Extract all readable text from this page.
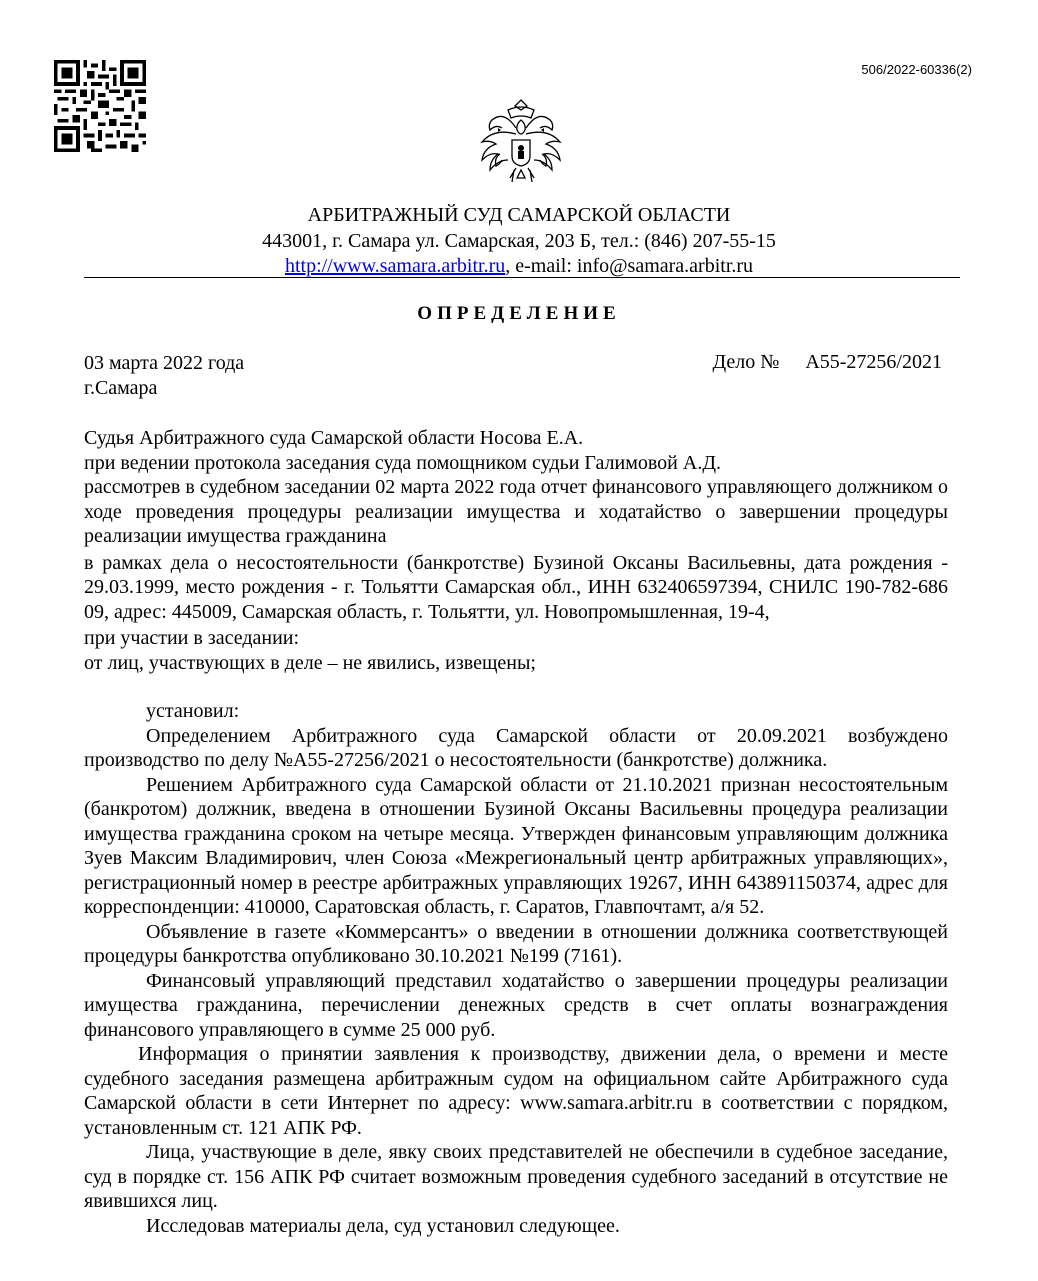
506/2022-60336(2)
АРБИТРАЖНЫЙ СУД САМАРСКОЙ ОБЛАСТИ
443001, г. Самара ул. Самарская, 203 Б, тел.: (846) 207-55-15
http://www.samara.arbitr.ru, e-mail: info@samara.arbitr.ru
ОПРЕДЕЛЕНИЕ
03 марта 2022 года
г.Самара
Дело № А55-27256/2021

Судья Арбитражного суда Самарской области Носова Е.А.

при ведении протокола заседания суда помощником судьи Галимовой А.Д.

рассмотрев в судебном заседании 02 марта 2022 года отчет финансового управляющего должником о ходе проведения процедуры реализации имущества и ходатайство о завершении процедуры реализации имущества гражданина

в рамках дела о несостоятельности (банкротстве) Бузиной Оксаны Васильевны, дата рождения - 29.03.1999, место рождения - г. Тольятти Самарская обл., ИНН 632406597394, СНИЛС 190-782-686 09, адрес: 445009, Самарская область, г. Тольятти, ул. Новопромышленная, 19-4,

при участии в заседании:

от лиц, участвующих в деле – не явились, извещены;

установил:

Определением Арбитражного суда Самарской области от 20.09.2021 возбуждено производство по делу №А55-27256/2021 о несостоятельности (банкротстве) должника.

Решением Арбитражного суда Самарской области от 21.10.2021 признан несостоятельным (банкротом) должник, введена в отношении Бузиной Оксаны Васильевны процедура реализации имущества гражданина сроком на четыре месяца. Утвержден финансовым управляющим должника Зуев Максим Владимирович, член Союза «Межрегиональный центр арбитражных управляющих», регистрационный номер в реестре арбитражных управляющих 19267, ИНН 643891150374, адрес для корреспонденции: 410000, Саратовская область, г. Саратов, Главпочтамт, а/я 52.

Объявление в газете «Коммерсантъ» о введении в отношении должника соответствующей процедуры банкротства опубликовано 30.10.2021 №199 (7161).

Финансовый управляющий представил ходатайство о завершении процедуры реализации имущества гражданина, перечислении денежных средств в счет оплаты вознаграждения финансового управляющего в сумме 25 000 руб.

Информация о принятии заявления к производству, движении дела, о времени и месте судебного заседания размещена арбитражным судом на официальном сайте Арбитражного суда Самарской области в сети Интернет по адресу: www.samara.arbitr.ru в соответствии с порядком, установленным ст. 121 АПК РФ.

Лица, участвующие в деле, явку своих представителей не обеспечили в судебное заседание, суд в порядке ст. 156 АПК РФ считает возможным проведения судебного заседаний в отсутствие не явившихся лиц.

Исследовав материалы дела, суд установил следующее.
